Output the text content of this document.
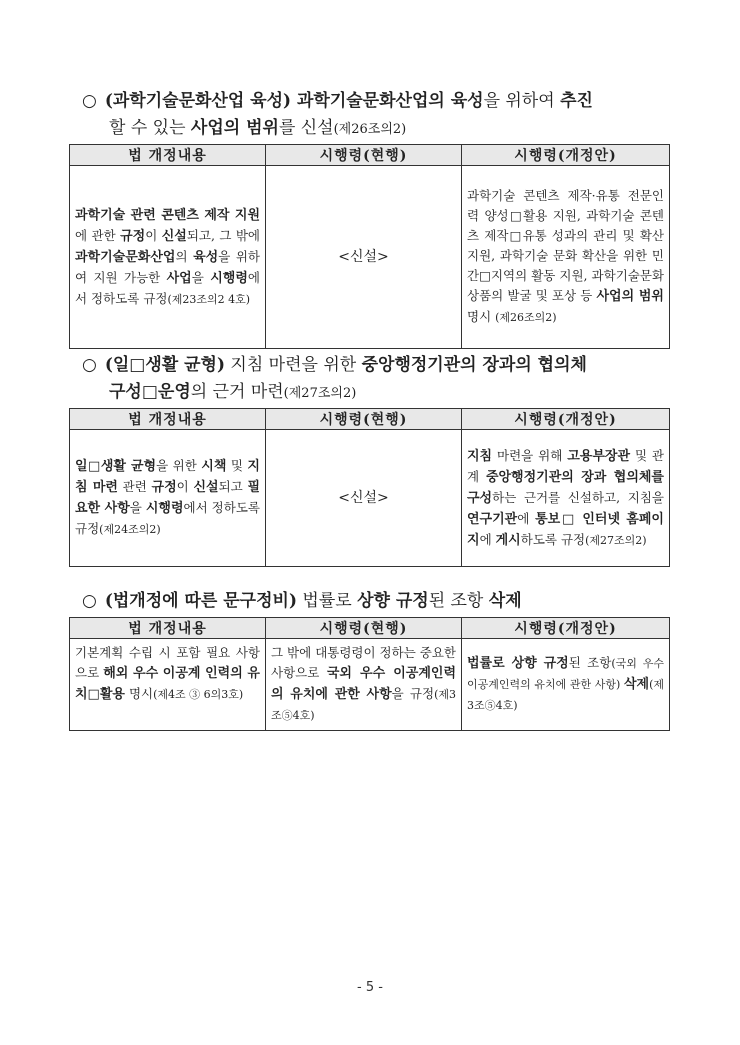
○ (과학기술문화산업 육성) 과학기술문화산업의 육성을 위하여 추진
할 수 있는 사업의 범위를 신설(제26조의2)
법 개정내용	시행령(현행)	시행령(개정안)
과학기술 관련 콘텐츠 제작 지원에 관한 규정이 신설되고, 그 밖에 과학기술문화산업의 육성을 위하여 지원 가능한 사업을 시행령에서 정하도록 규정(제23조의2 4호)	<신설>	과학기술 콘텐츠 제작·유통 전문인력 양성□활용 지원, 과학기술 콘텐츠 제작□유통 성과의 관리 및 확산 지원, 과학기술 문화 확산을 위한 민간□지역의 활동 지원, 과학기술문화 상품의 발굴 및 포상 등 사업의 범위 명시 (제26조의2)
○ (일□생활 균형) 지침 마련을 위한 중앙행정기관의 장과의 협의체
구성□운영의 근거 마련(제27조의2)
법 개정내용	시행령(현행)	시행령(개정안)
일□생활 균형을 위한 시책 및 지침 마련 관련 규정이 신설되고 필요한 사항을 시행령에서 정하도록 규정(제24조의2)	<신설>	지침 마련을 위해 고용부장관 및 관계 중앙행정기관의 장과 협의체를 구성하는 근거를 신설하고, 지침을 연구기관에 통보□ 인터넷 홈페이지에 게시하도록 규정(제27조의2)
○ (법개정에 따른 문구정비) 법률로 상향 규정된 조항 삭제
법 개정내용	시행령(현행)	시행령(개정안)
기본계획 수립 시 포함 필요 사항으로 해외 우수 이공계 인력의 유치□활용 명시(제4조 ③ 6의3호)	그 밖에 대통령령이 정하는 중요한 사항으로 국외 우수 이공계인력의 유치에 관한 사항을 규정(제3조⑤4호)	법률로 상향 규정된 조항(국외 우수 이공계인력의 유치에 관한 사항) 삭제(제3조⑤4호)
- 5 -
